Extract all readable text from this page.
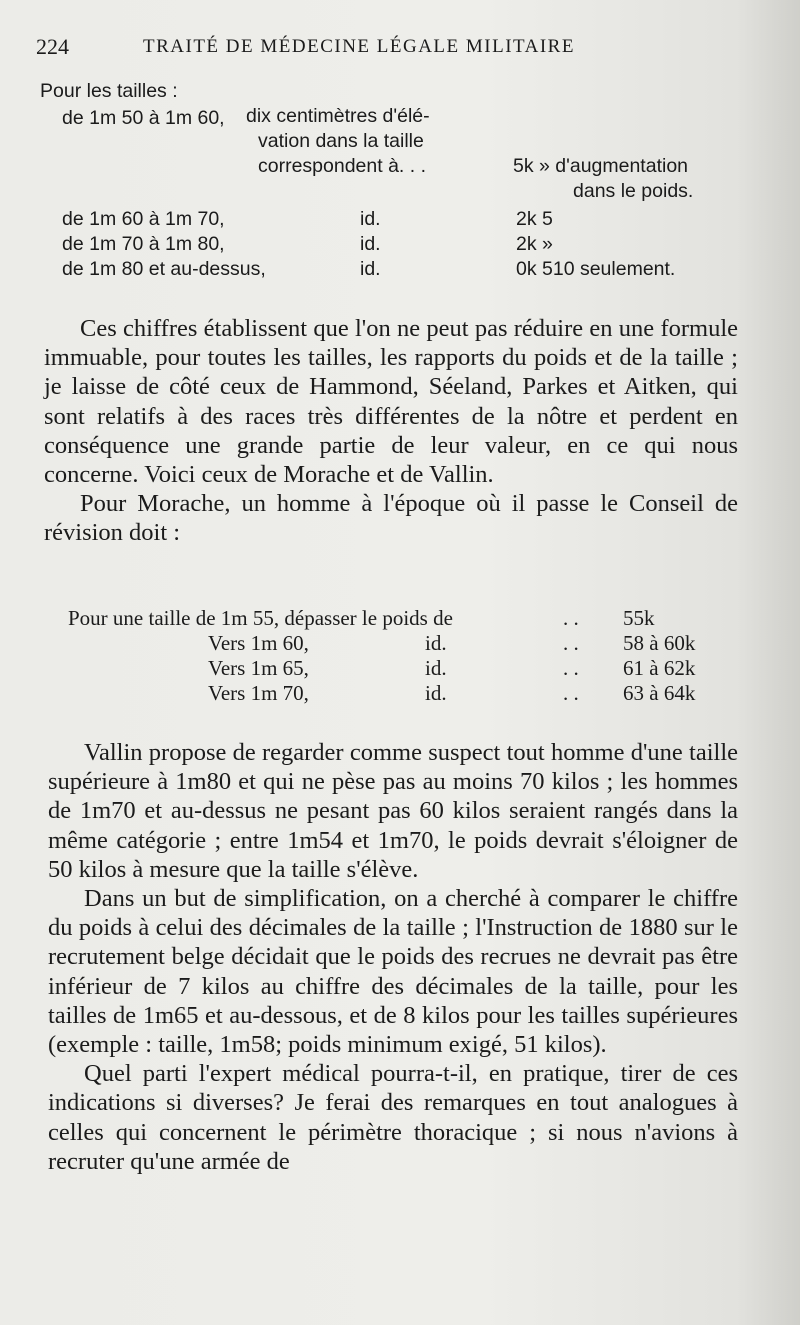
224	TRAITÉ DE MÉDECINE LÉGALE MILITAIRE
Pour les tailles :
de 1m 50 à 1m 60, dix centimètres d'élé-
vation dans la taille
correspondent à. . .	5k » d'augmentation
dans le poids.
de 1m 60 à 1m 70,	id.	2k 5
de 1m 70 à 1m 80,	id.	2k »
de 1m 80 et au-dessus,	id.	0k 510 seulement.

Ces chiffres établissent que l'on ne peut pas réduire en une formule immuable, pour toutes les tailles, les rapports du poids et de la taille ; je laisse de côté ceux de Hammond, Séeland, Parkes et Aitken, qui sont relatifs à des races très différentes de la nôtre et perdent en conséquence une grande partie de leur valeur, en ce qui nous concerne. Voici ceux de Morache et de Vallin.

Pour Morache, un homme à l'époque où il passe le Conseil de révision doit :

Pour une taille de 1m 55, dépasser le poids de	. . 55k
Vers 1m 60,	id.	. . 58 à 60k
Vers 1m 65,	id.	. . 61 à 62k
Vers 1m 70,	id.	. . 63 à 64k

Vallin propose de regarder comme suspect tout homme d'une taille supérieure à 1m80 et qui ne pèse pas au moins 70 kilos ; les hommes de 1m70 et au-dessus ne pesant pas 60 kilos seraient rangés dans la même catégorie ; entre 1m54 et 1m70, le poids devrait s'éloigner de 50 kilos à mesure que la taille s'élève.

Dans un but de simplification, on a cherché à comparer le chiffre du poids à celui des décimales de la taille ; l'Instruction de 1880 sur le recrutement belge décidait que le poids des recrues ne devrait pas être inférieur de 7 kilos au chiffre des décimales de la taille, pour les tailles de 1m65 et au-dessous, et de 8 kilos pour les tailles supérieures (exemple : taille, 1m58; poids minimum exigé, 51 kilos).

Quel parti l'expert médical pourra-t-il, en pratique, tirer de ces indications si diverses? Je ferai des remarques en tout analogues à celles qui concernent le périmètre thoracique ; si nous n'avions à recruter qu'une armée de
